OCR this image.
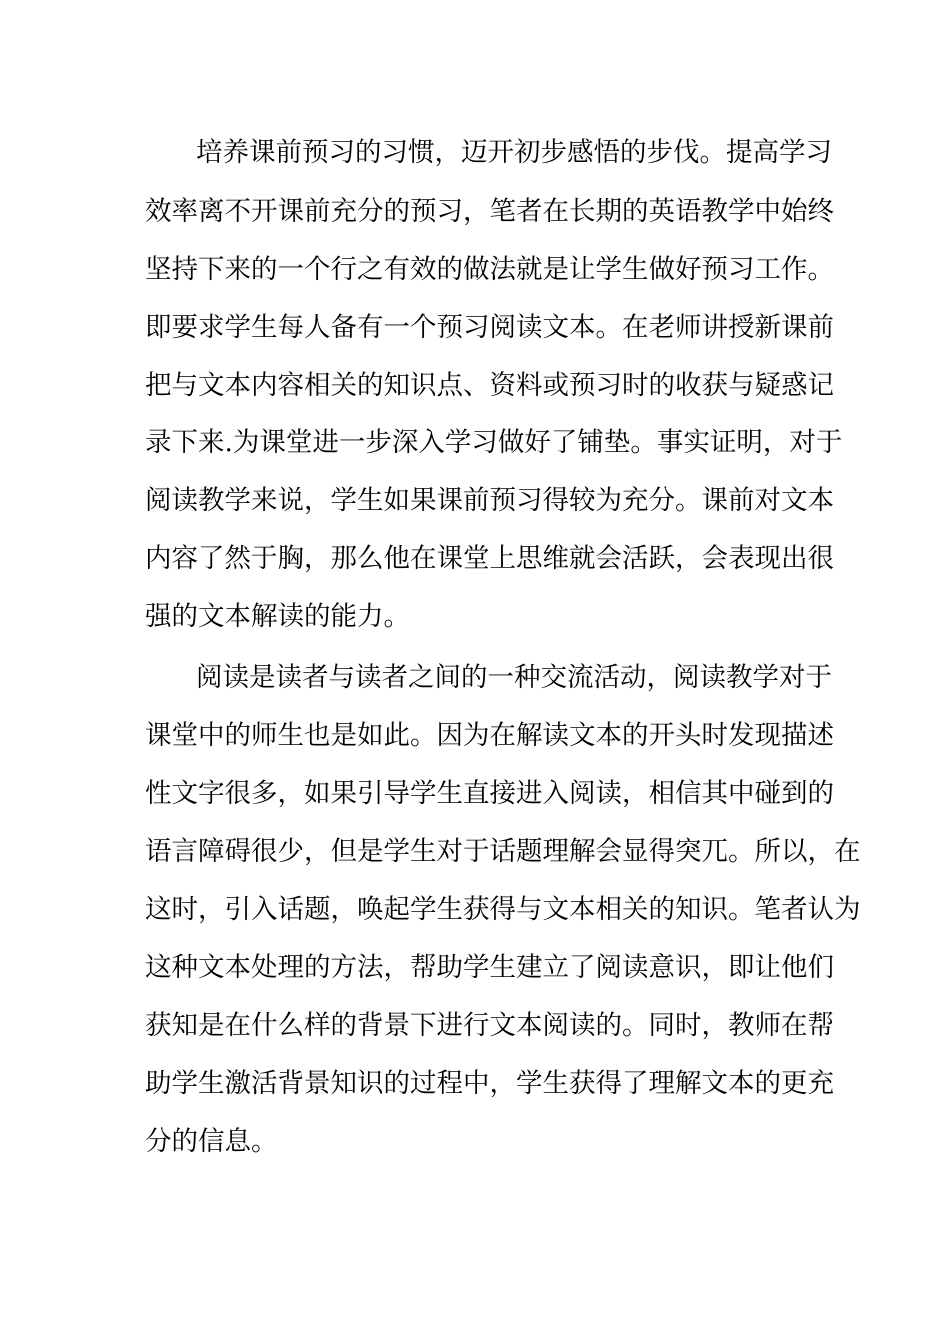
培养课前预习的习惯，迈开初步感悟的步伐。提高学习
效率离不开课前充分的预习，笔者在长期的英语教学中始终
坚持下来的一个行之有效的做法就是让学生做好预习工作。
即要求学生每人备有一个预习阅读文本。在老师讲授新课前
把与文本内容相关的知识点、资料或预习时的收获与疑惑记
录下来.为课堂进一步深入学习做好了铺垫。事实证明，对于
阅读教学来说，学生如果课前预习得较为充分。课前对文本
内容了然于胸，那么他在课堂上思维就会活跃，会表现出很
强的文本解读的能力。
阅读是读者与读者之间的一种交流活动，阅读教学对于
课堂中的师生也是如此。因为在解读文本的开头时发现描述
性文字很多，如果引导学生直接进入阅读，相信其中碰到的
语言障碍很少，但是学生对于话题理解会显得突兀。所以，在
这时，引入话题，唤起学生获得与文本相关的知识。笔者认为
这种文本处理的方法，帮助学生建立了阅读意识，即让他们
获知是在什么样的背景下进行文本阅读的。同时，教师在帮
助学生激活背景知识的过程中，学生获得了理解文本的更充
分的信息。
